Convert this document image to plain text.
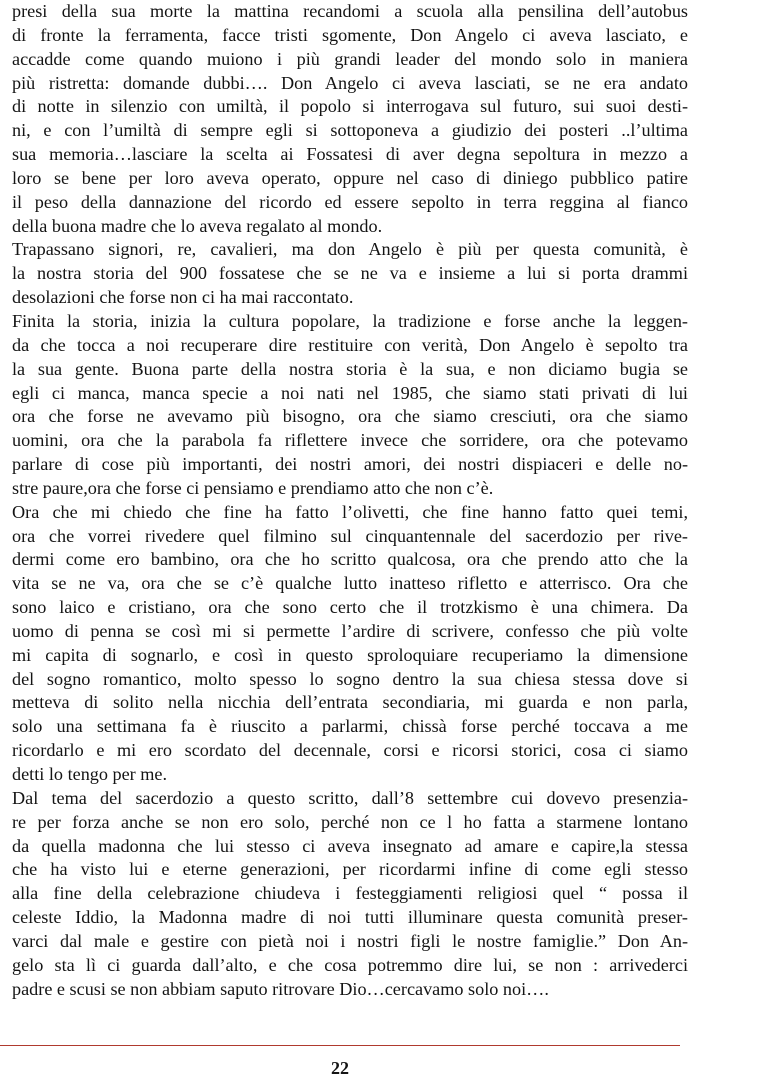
presi della sua morte la mattina recandomi a scuola alla pensilina dell’autobus
di fronte la ferramenta, facce tristi sgomente, Don Angelo ci aveva lasciato, e
accadde come quando muiono i più grandi leader del mondo solo in maniera
più ristretta: domande dubbi…. Don Angelo ci aveva lasciati, se ne era andato
di notte in silenzio con umiltà, il popolo si interrogava sul futuro, sui suoi desti-
ni, e con l’umiltà di sempre egli si sottoponeva a giudizio dei posteri ..l’ultima
sua memoria…lasciare la scelta ai Fossatesi di aver degna sepoltura in mezzo a
loro se bene per loro aveva operato, oppure nel caso di diniego pubblico patire
il peso della dannazione del ricordo ed essere sepolto in terra reggina al fianco
della buona madre che lo aveva regalato al mondo.
Trapassano signori, re, cavalieri, ma don Angelo è più per questa comunità, è
la nostra storia del 900 fossatese che se ne va e insieme a lui si porta drammi
desolazioni che forse non ci ha mai raccontato.
Finita la storia, inizia la cultura popolare, la tradizione e forse anche la leggen-
da che tocca a noi recuperare dire restituire con verità, Don Angelo è sepolto tra
la sua gente. Buona parte della nostra storia è la sua, e non diciamo bugia se
egli ci manca, manca specie a noi nati nel 1985, che siamo stati privati di lui
ora che forse ne avevamo più bisogno, ora che siamo cresciuti, ora che siamo
uomini, ora che la parabola fa riflettere invece che sorridere, ora che potevamo
parlare di cose più importanti, dei nostri amori, dei nostri dispiaceri e delle no-
stre paure,ora che forse ci pensiamo e prendiamo atto che non c’è.
Ora che mi chiedo che fine ha fatto l’olivetti, che fine hanno fatto quei temi,
ora che vorrei rivedere quel filmino sul cinquantennale del sacerdozio per rive-
dermi come ero bambino, ora che ho scritto qualcosa, ora che prendo atto che la
vita se ne va, ora che se c’è qualche lutto inatteso rifletto e atterrisco. Ora che
sono laico e cristiano, ora che sono certo che il trotzkismo è una chimera. Da
uomo di penna se così mi si permette l’ardire di scrivere, confesso che più volte
mi capita di sognarlo, e così in questo sproloquiare recuperiamo la dimensione
del sogno romantico, molto spesso lo sogno dentro la sua chiesa stessa dove si
metteva di solito nella nicchia dell’entrata secondiaria, mi guarda e non parla,
solo una settimana fa è riuscito a parlarmi, chissà forse perché toccava a me
ricordarlo e mi ero scordato del decennale, corsi e ricorsi storici, cosa ci siamo
detti lo tengo per me.
Dal tema del sacerdozio a questo scritto, dall’8 settembre cui dovevo presenzia-
re per forza anche se non ero solo, perché non ce l ho fatta a starmene lontano
da quella madonna che lui stesso ci aveva insegnato ad amare e capire,la stessa
che ha visto lui e eterne generazioni, per ricordarmi infine di come egli stesso
alla fine della celebrazione chiudeva i festeggiamenti religiosi quel “ possa il
celeste Iddio, la Madonna madre di noi tutti illuminare questa comunità preser-
varci dal male e gestire con pietà noi i nostri figli le nostre famiglie.” Don An-
gelo sta lì ci guarda dall’alto, e che cosa potremmo dire lui, se non : arrivederci
padre e scusi se non abbiam saputo ritrovare Dio…cercavamo solo noi….
22
